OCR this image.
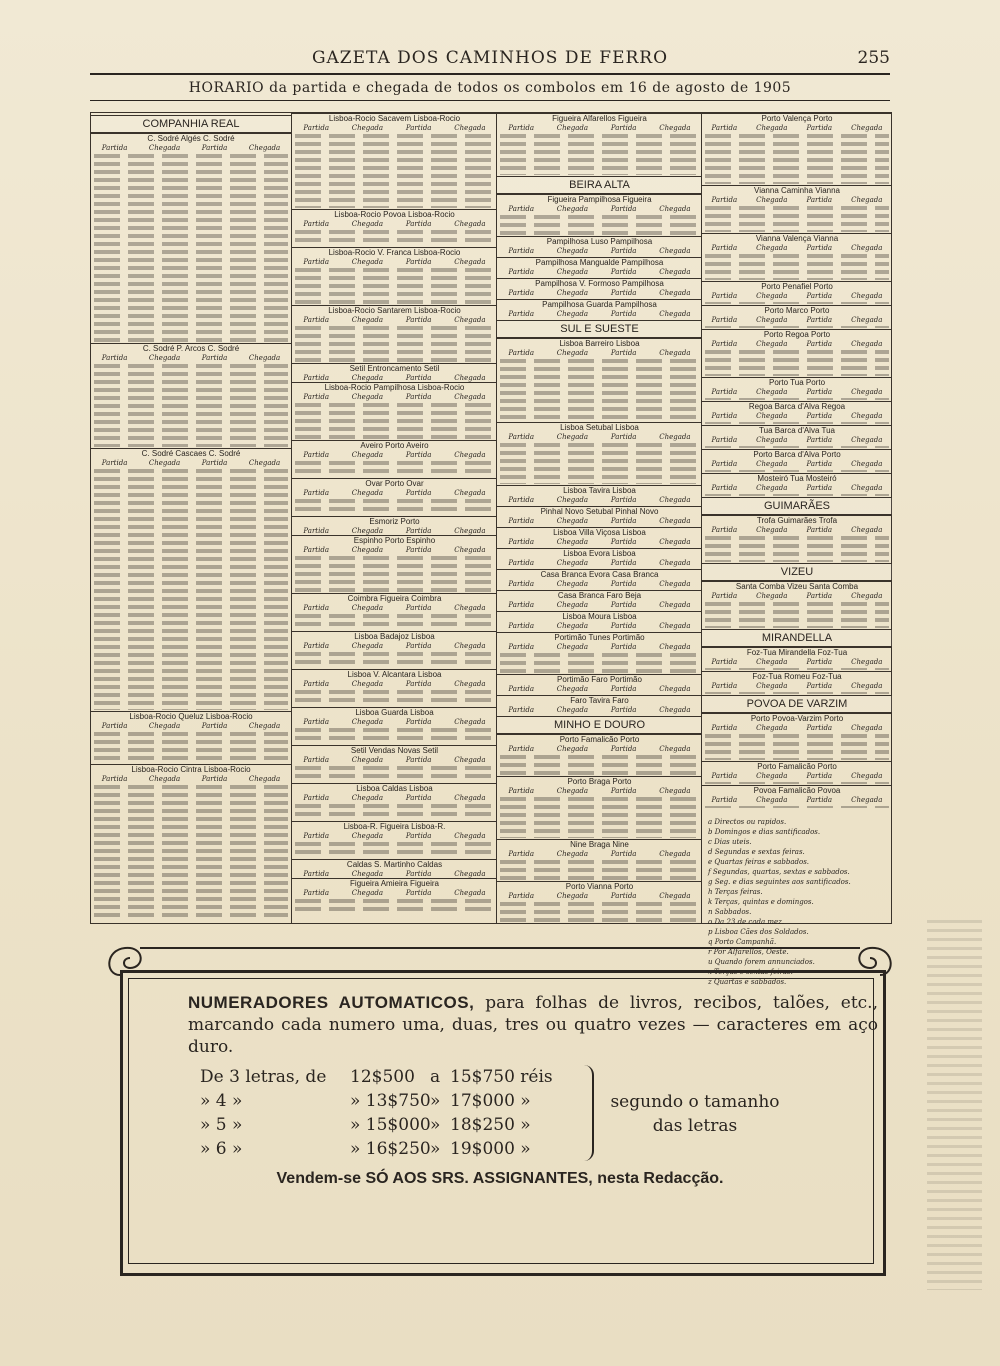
GAZETA DOS CAMINHOS DE FERRO	255
HORARIO da partida e chegada de todos os combolos em 16 de agosto de 1905
COMPANHIA REAL
C. Sodré Algés C. Sodré
Partida	Chegada	Partida	Chegada
C. Sodré P. Arcos C. Sodré
Partida	Chegada	Partida	Chegada
C. Sodré Cascaes C. Sodré
Partida	Chegada	Partida	Chegada
Lisboa-Rocio Queluz Lisboa-Rocio
Partida	Chegada	Partida	Chegada
Lisboa-Rocio Cintra Lisboa-Rocio
Partida	Chegada	Partida	Chegada
Lisboa-Rocio Sacavem Lisboa-Rocio
Partida	Chegada	Partida	Chegada
Lisboa-Rocio Povoa Lisboa-Rocio
Partida	Chegada	Partida	Chegada
Lisboa-Rocio V. Franca Lisboa-Rocio
Partida	Chegada	Partida	Chegada
Lisboa-Rocio Santarem Lisboa-Rocio
Partida	Chegada	Partida	Chegada
Setil Entroncamento Setil
Partida	Chegada	Partida	Chegada
Lisboa-Rocio Pampilhosa Lisboa-Rocio
Partida	Chegada	Partida	Chegada
Aveiro Porto Aveiro
Partida	Chegada	Partida	Chegada
Ovar Porto Ovar
Partida	Chegada	Partida	Chegada
Esmoriz Porto
Partida	Chegada	Partida	Chegada
Espinho Porto Espinho
Partida	Chegada	Partida	Chegada
Coimbra Figueira Coimbra
Partida	Chegada	Partida	Chegada
Lisboa Badajoz Lisboa
Partida	Chegada	Partida	Chegada
Lisboa V. Alcantara Lisboa
Partida	Chegada	Partida	Chegada
Lisboa Guarda Lisboa
Partida	Chegada	Partida	Chegada
Setil Vendas Novas Setil
Partida	Chegada	Partida	Chegada
Lisboa Caldas Lisboa
Partida	Chegada	Partida	Chegada
Lisboa-R. Figueira Lisboa-R.
Partida	Chegada	Partida	Chegada
Caldas S. Martinho Caldas
Partida	Chegada	Partida	Chegada
Figueira Amieira Figueira
Partida	Chegada	Partida	Chegada
Figueira Alfarellos Figueira
Partida	Chegada	Partida	Chegada
BEIRA ALTA
Figueira Pampilhosa Figueira
Partida	Chegada	Partida	Chegada
Pampilhosa Luso Pampilhosa
Partida	Chegada	Partida	Chegada
Pampilhosa Mangualde Pampilhosa
Partida	Chegada	Partida	Chegada
Pampilhosa V. Formoso Pampilhosa
Partida	Chegada	Partida	Chegada
Pampilhosa Guarda Pampilhosa
Partida	Chegada	Partida	Chegada
SUL E SUESTE
Lisboa Barreiro Lisboa
Partida	Chegada	Partida	Chegada
Lisboa Setubal Lisboa
Partida	Chegada	Partida	Chegada
Lisboa Tavira Lisboa
Partida	Chegada	Partida	Chegada
Pinhal Novo Setubal Pinhal Novo
Partida	Chegada	Partida	Chegada
Lisboa Villa Viçosa Lisboa
Partida	Chegada	Partida	Chegada
Lisboa Evora Lisboa
Partida	Chegada	Partida	Chegada
Casa Branca Evora Casa Branca
Partida	Chegada	Partida	Chegada
Casa Branca Faro Beja
Partida	Chegada	Partida	Chegada
Lisboa Moura Lisboa
Partida	Chegada	Partida	Chegada
Portimão Tunes Portimão
Partida	Chegada	Partida	Chegada
Portimão Faro Portimão
Partida	Chegada	Partida	Chegada
Faro Tavira Faro
Partida	Chegada	Partida	Chegada
MINHO E DOURO
Porto Famalicão Porto
Partida	Chegada	Partida	Chegada
Porto Braga Porto
Partida	Chegada	Partida	Chegada
Nine Braga Nine
Partida	Chegada	Partida	Chegada
Porto Vianna Porto
Partida	Chegada	Partida	Chegada
Porto Valença Porto
Partida	Chegada	Partida	Chegada
Vianna Caminha Vianna
Partida	Chegada	Partida	Chegada
Vianna Valença Vianna
Partida	Chegada	Partida	Chegada
Porto Penafiel Porto
Partida	Chegada	Partida	Chegada
Porto Marco Porto
Partida	Chegada	Partida	Chegada
Porto Regoa Porto
Partida	Chegada	Partida	Chegada
Porto Tua Porto
Partida	Chegada	Partida	Chegada
Regoa Barca d'Alva Regoa
Partida	Chegada	Partida	Chegada
Tua Barca d'Alva Tua
Partida	Chegada	Partida	Chegada
Porto Barca d'Alva Porto
Partida	Chegada	Partida	Chegada
Mosteiró Tua Mosteiró
Partida	Chegada	Partida	Chegada
GUIMARÃES
Trofa Guimarães Trofa
Partida	Chegada	Partida	Chegada
VIZEU
Santa Comba Vizeu Santa Comba
Partida	Chegada	Partida	Chegada
MIRANDELLA
Foz-Tua Mirandella Foz-Tua
Partida	Chegada	Partida	Chegada
Foz-Tua Romeu Foz-Tua
Partida	Chegada	Partida	Chegada
POVOA DE VARZIM
Porto Povoa-Varzim Porto
Partida	Chegada	Partida	Chegada
Porto Famalicão Porto
Partida	Chegada	Partida	Chegada
Povoa Famalicão Povoa
Partida	Chegada	Partida	Chegada
a Directos ou rapidos.
b Domingos e dias santificados.
c Dias uteis.
d Segundas e sextas feiras.
e Quartas feiras e sabbados.
f Segundas, quartas, sextas e sabbados.
g Seg. e dias seguintes aos santificados.
h Terças feiras.
k Terças, quintas e domingos.
n Sabbados.
o Da 23 de cada mez.
p Lisboa Cães dos Soldados.
q Porto Campanhã.
r Por Alfarellos, Oeste.
u Quando forem annunciados.
x Terças e sextas feiras.
z Quartas e sabbados.
NUMERADORES AUTOMATICOS, para folhas de livros, recibos, talões, etc., marcando cada numero uma, duas, tres ou quatro vezes — caracteres em aço duro.
De 3 letras, de	12$500 a 15$750 réis
» 4 »	» 13$750 » 17$000 »
» 5 »	» 15$000 » 18$250 »
» 6 »	» 16$250 » 19$000 »
segundo o tamanho das letras
Vendem-se SÓ AOS SRS. ASSIGNANTES, nesta Redacção.
